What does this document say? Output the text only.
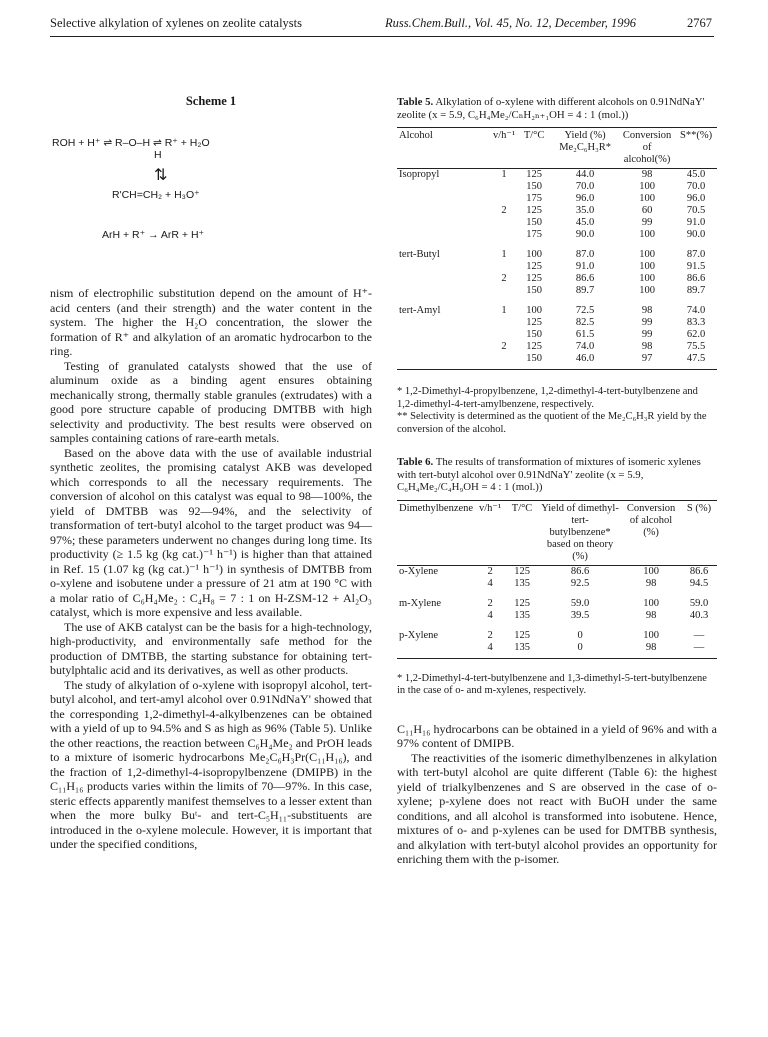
Selective alkylation of xylenes on zeolite catalysts	Russ.Chem.Bull., Vol. 45, No. 12, December, 1996	2767
Scheme 1
ROH + H⁺ ⇌ R–O–H ⇌ R⁺ + H₂O
H
⇅
R'CH=CH₂ + H₃O⁺
ArH + R⁺ → ArR + H⁺

nism of electrophilic substitution depend on the amount of H⁺-acid centers (and their strength) and the water content in the system. The higher the H₂O concentration, the slower the formation of R⁺ and alkylation of an aromatic hydrocarbon to the ring.

Testing of granulated catalysts showed that the use of aluminum oxide as a binding agent ensures obtaining mechanically strong, thermally stable granules (extrudates) with a good pore structure capable of producing DMTBB with high selectivity and productivity. The best results were observed on samples containing cations of rare-earth metals.

Based on the above data with the use of available industrial synthetic zeolites, the promising catalyst AKB was developed which corresponds to all the necessary requirements. The conversion of alcohol on this catalyst was equal to 98—100%, the yield of DMTBB was 92—94%, and the selectivity of transformation of tert-butyl alcohol to the target product was 94—97%; these parameters underwent no changes during long time. Its productivity (≥ 1.5 kg (kg cat.)⁻¹ h⁻¹) is higher than that attained in Ref. 15 (1.07 kg (kg cat.)⁻¹ h⁻¹) in synthesis of DMTBB from o-xylene and isobutene under a pressure of 21 atm at 190 °C with a molar ratio of C₆H₄Me₂ : C₄H₈ = 7 : 1 on H-ZSM-12 + Al₂O₃ catalyst, which is more expensive and less available.

The use of AKB catalyst can be the basis for a high-technology, high-productivity, and environmentally safe method for the production of DMTBB, the starting substance for obtaining tert-butylphtalic acid and its derivatives, as well as other products.

The study of alkylation of o-xylene with isopropyl alcohol, tert-butyl alcohol, and tert-amyl alcohol over 0.91NdNaY' showed that the corresponding 1,2-dimethyl-4-alkylbenzenes can be obtained with a yield of up to 94.5% and S as high as 96% (Table 5). Unlike the other reactions, the reaction between C₆H₄Me₂ and PrOH leads to a mixture of isomeric hydrocarbons Me₂C₆H₃Pr(C₁₁H₁₆), and the fraction of 1,2-dimethyl-4-isopropylbenzene (DMIPB) in the C₁₁H₁₆ products varies within the limits of 70—97%. In this case, steric effects apparently manifest themselves to a lesser extent than when the more bulky Buᵗ- and tert-C₅H₁₁-substituents are introduced in the o-xylene molecule. However, it is important that under the specified conditions,

Table 5. Alkylation of o-xylene with different alcohols on 0.91NdNaY' zeolite (x = 5.9, C₆H₄Me₂/CₙH₂ₙ₊₁OH = 4 : 1 (mol.))

Alcohol	v/h⁻¹	T/°C	Yield (%) Me₂C₆H₃R*	Conversion of alcohol(%)	S**(%)
Isopropyl	1	125	44.0	98	45.0
		150	70.0	100	70.0
		175	96.0	100	96.0
	2	125	35.0	60	70.5
		150	45.0	99	91.0
		175	90.0	100	90.0
tert-Butyl	1	100	87.0	100	87.0
		125	91.0	100	91.5
	2	125	86.6	100	86.6
		150	89.7	100	89.7
tert-Amyl	1	100	72.5	98	74.0
		125	82.5	99	83.3
		150	61.5	99	62.0
	2	125	74.0	98	75.5
		150	46.0	97	47.5

* 1,2-Dimethyl-4-propylbenzene, 1,2-dimethyl-4-tert-butylbenzene and 1,2-dimethyl-4-tert-amylbenzene, respectively.

** Selectivity is determined as the quotient of the Me₂C₆H₃R yield by the conversion of the alcohol.

Table 6. The results of transformation of mixtures of isomeric xylenes with tert-butyl alcohol over 0.91NdNaY' zeolite (x = 5.9, C₆H₄Me₂/C₄H₉OH = 4 : 1 (mol.))

Dimethylbenzene	v/h⁻¹	T/°C	Yield of dimethyl-tert-butylbenzene* based on theory (%)	Conversion of alcohol (%)	S (%)
o-Xylene	2	125	86.6	100	86.6
	4	135	92.5	98	94.5
m-Xylene	2	125	59.0	100	59.0
	4	135	39.5	98	40.3
p-Xylene	2	125	0	100	—
	4	135	0	98	—

* 1,2-Dimethyl-4-tert-butylbenzene and 1,3-dimethyl-5-tert-butylbenzene in the case of o- and m-xylenes, respectively.

C₁₁H₁₆ hydrocarbons can be obtained in a yield of 96% and with a 97% content of DMIPB.

The reactivities of the isomeric dimethylbenzenes in alkylation with tert-butyl alcohol are quite different (Table 6): the highest yield of trialkylbenzenes and S are observed in the case of o-xylene; p-xylene does not react with BuOH under the same conditions, and all alcohol is transformed into isobutene. Hence, mixtures of o- and p-xylenes can be used for DMTBB synthesis, and alkylation with tert-butyl alcohol provides an opportunity for enriching them with the p-isomer.
